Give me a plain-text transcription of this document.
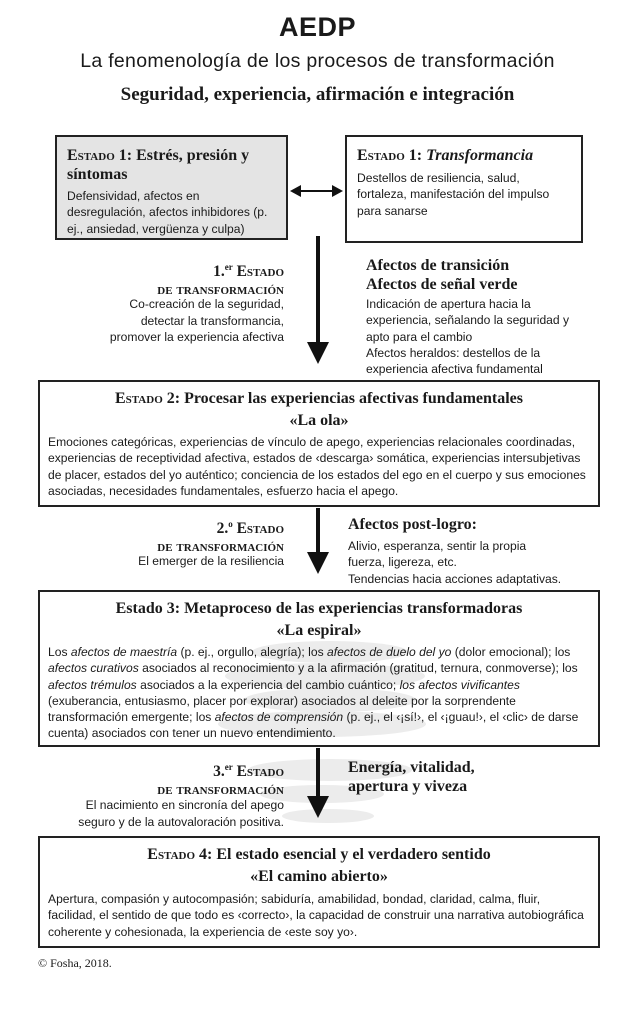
AEDP
La fenomenología de los procesos de transformación
Seguridad, experiencia, afirmación e integración
Estado 1: Estrés, presión y síntomas
Defensividad, afectos en desregulación, afectos inhibidores (p. ej., ansiedad, vergüenza y culpa)
Estado 1: Transformancia
Destellos de resiliencia, salud, fortaleza, manifestación del impulso para sanarse
1.$^{er}$ Estado
de transformación
Co-creación de la seguridad, detectar la transformancia, promover la experiencia afectiva
Afectos de transición
Afectos de señal verde
Indicación de apertura hacia la experiencia, señalando la seguridad y apto para el cambio
Afectos heraldos: destellos de la experiencia afectiva fundamental
Estado 2: Procesar las experiencias afectivas fundamentales
«La ola»
Emociones categóricas, experiencias de vínculo de apego, experiencias relacionales coordinadas, experiencias de receptividad afectiva, estados de ‹descarga› somática, experiencias intersubjetivas de placer, estados del yo auténtico; conciencia de los estados del ego en el cuerpo y sus emociones asociadas, necesidades fundamentales, esfuerzo hacia el apego.
2.$^o$ Estado
de transformación
El emerger de la resiliencia
Afectos post-logro:
Alivio, esperanza, sentir la propia fuerza, ligereza, etc.
Tendencias hacia acciones adaptativas.
Estado 3: Metaproceso de las experiencias transformadoras
«La espiral»
Los afectos de maestría (p. ej., orgullo, alegría); los afectos de duelo del yo (dolor emocional); los afectos curativos asociados al reconocimiento y a la afirmación (gratitud, ternura, conmoverse); los afectos trémulos asociados a la experiencia del cambio cuántico; los afectos vivificantes (exuberancia, entusiasmo, placer por explorar) asociados al deleite por la sorprendente transformación emergente; los afectos de comprensión (p. ej., el ‹¡sí!›, el ‹¡guau!›, el ‹clic› de darse cuenta) asociados con tener un nuevo entendimiento.
3.$^{er}$ Estado
de transformación
El nacimiento en sincronía del apego seguro y de la autovaloración positiva.
Energía, vitalidad,
apertura y viveza
Estado 4: El estado esencial y el verdadero sentido
«El camino abierto»
Apertura, compasión y autocompasión; sabiduría, amabilidad, bondad, claridad, calma, fluir, facilidad, el sentido de que todo es ‹correcto›, la capacidad de construir una narrativa autobiográfica coherente y cohesionada, la experiencia de ‹este soy yo›.
© Fosha, 2018.
